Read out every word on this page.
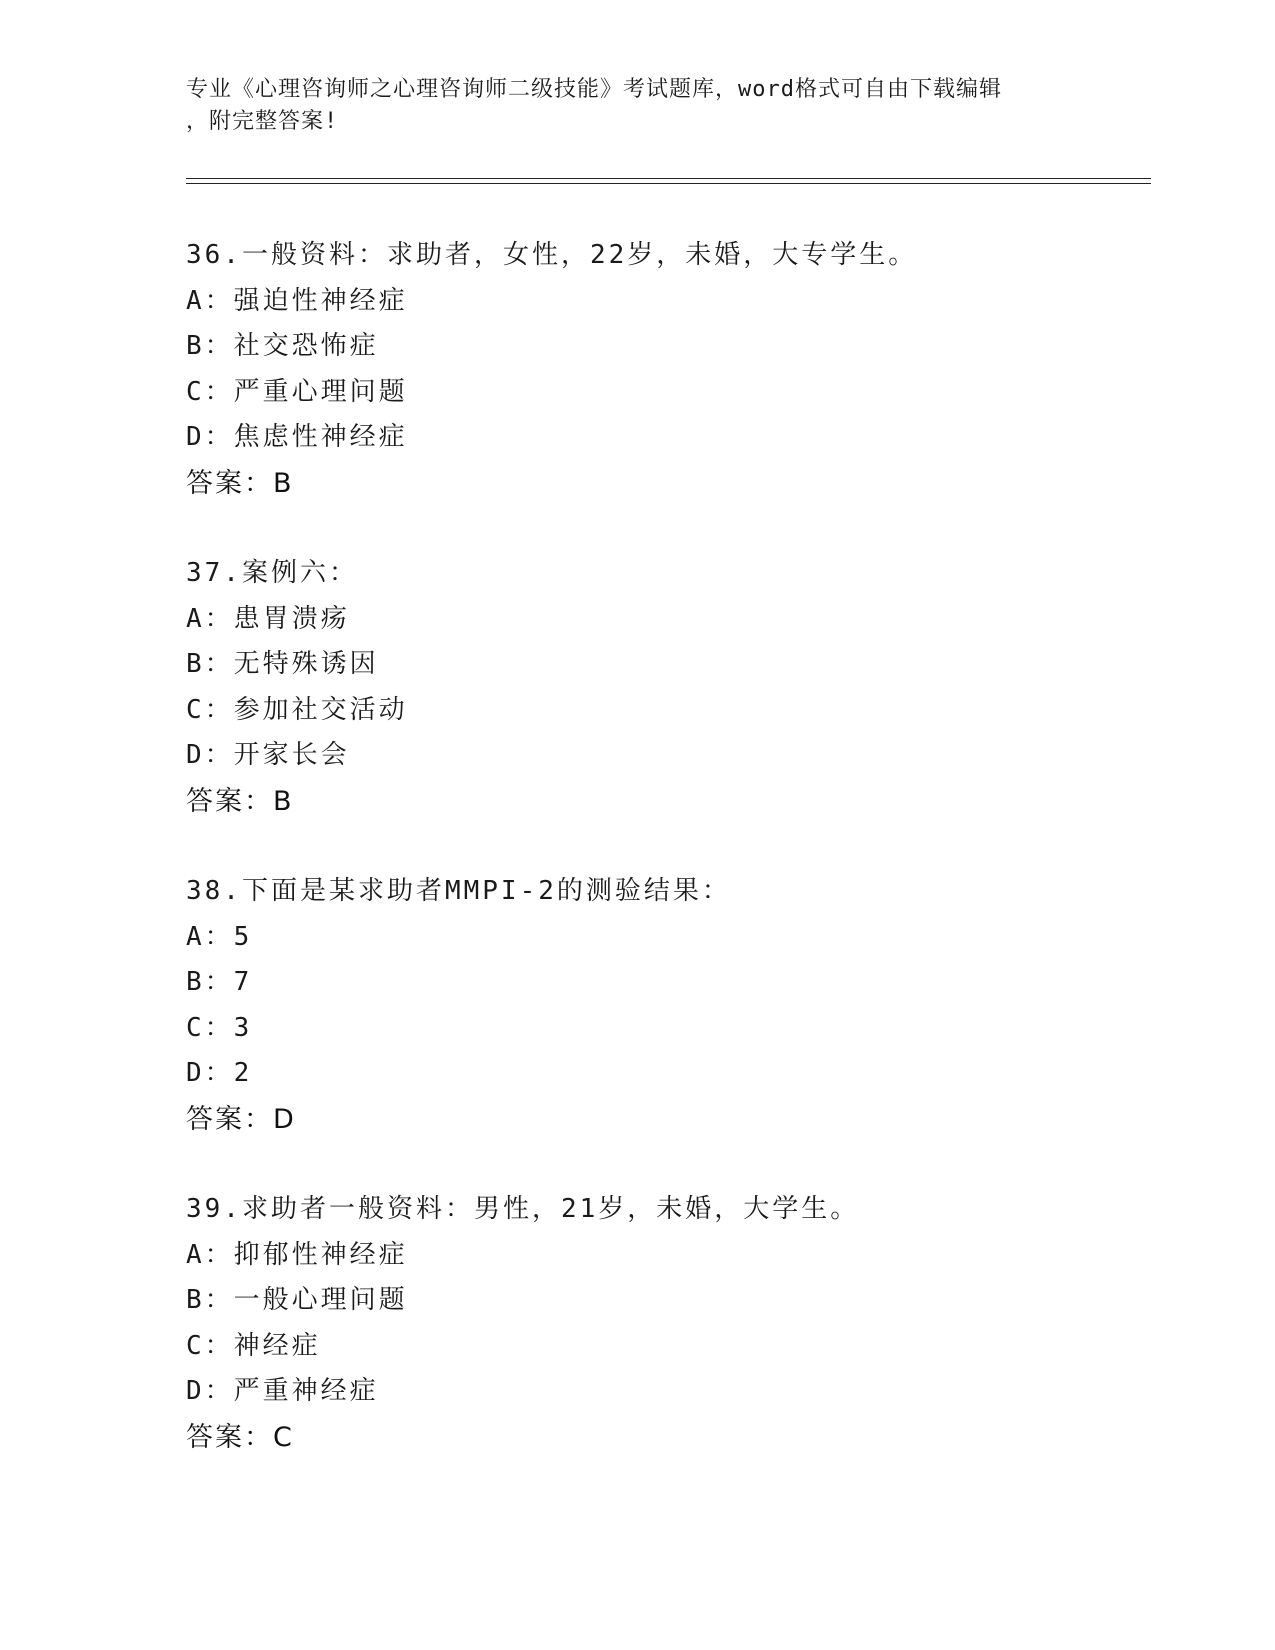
专业《心理咨询师之心理咨询师二级技能》考试题库，word格式可自由下载编辑
，附完整答案!
36.一般资料：求助者，女性，22岁，未婚，大专学生。
A：强迫性神经症
B：社交恐怖症
C：严重心理问题
D：焦虑性神经症
答案：B
37.案例六：
A：患胃溃疡
B：无特殊诱因
C：参加社交活动
D：开家长会
答案：B
38.下面是某求助者MMPI-2的测验结果：
A：5
B：7
C：3
D：2
答案：D
39.求助者一般资料：男性，21岁，未婚，大学生。
A：抑郁性神经症
B：一般心理问题
C：神经症
D：严重神经症
答案：C
